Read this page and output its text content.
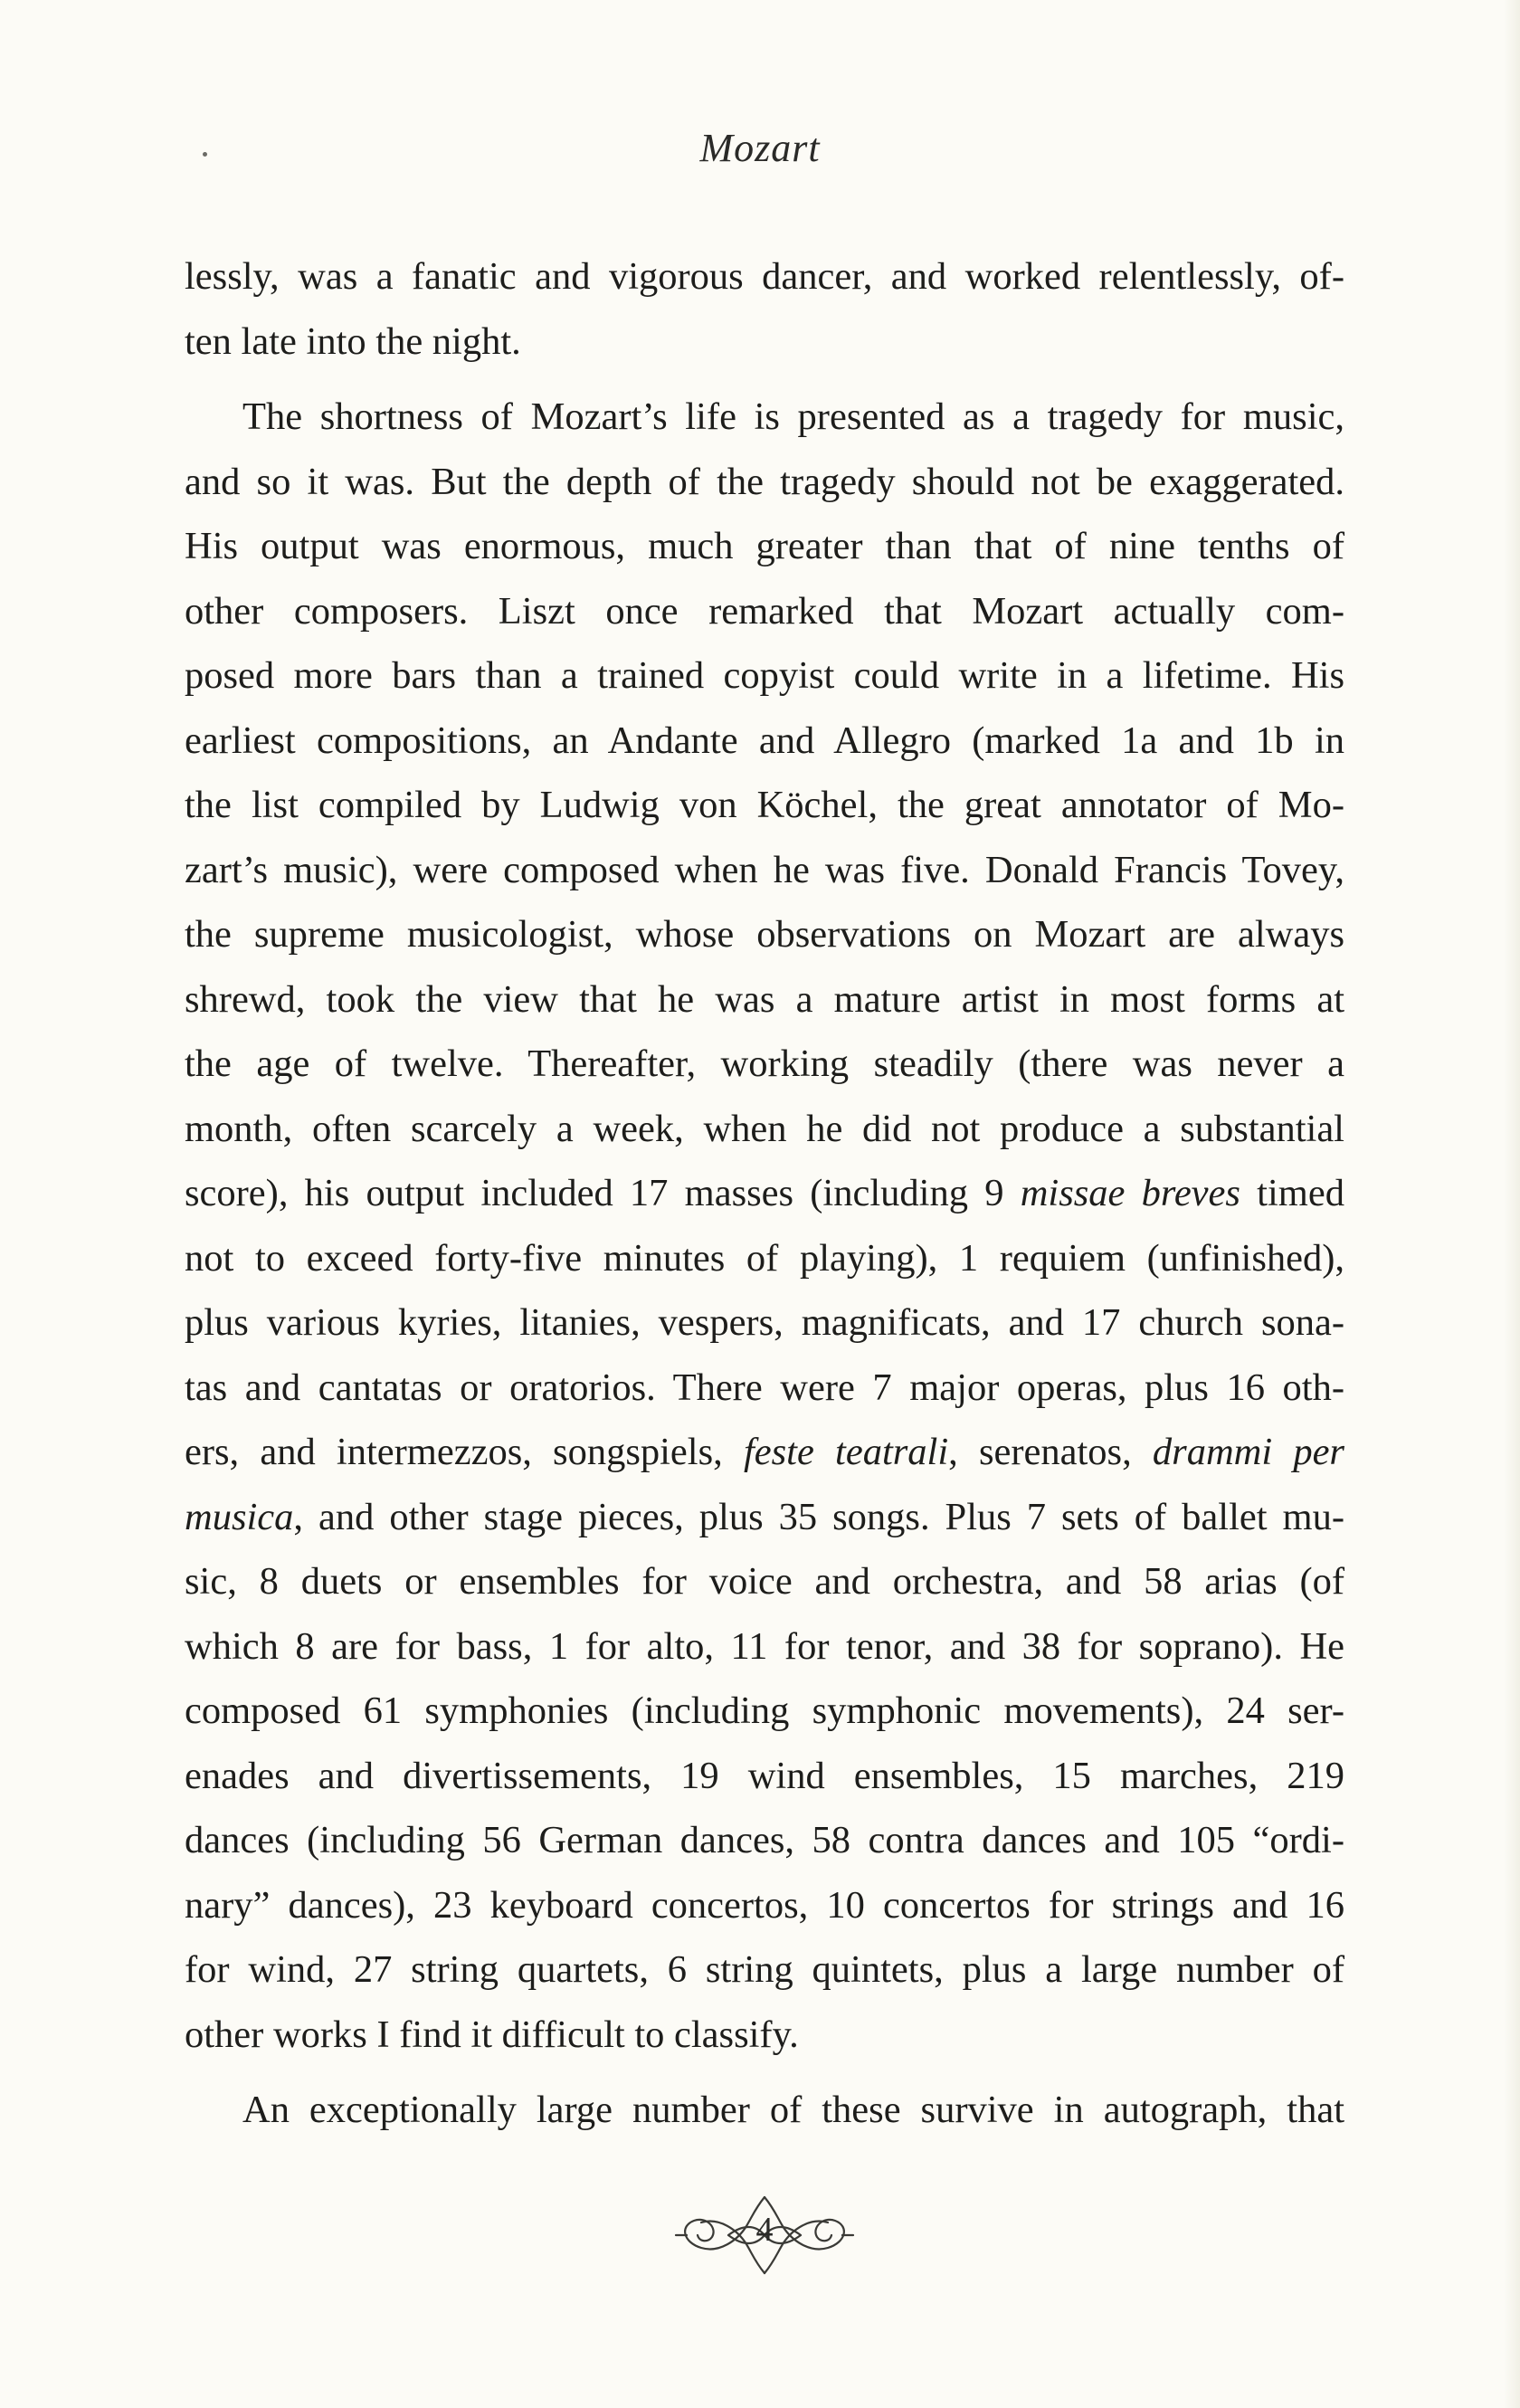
Mozart

lessly, was a fanatic and vigorous dancer, and worked relentlessly, of-
ten late into the night.

The shortness of Mozart’s life is presented as a tragedy for music,
and so it was. But the depth of the tragedy should not be exaggerated.
His output was enormous, much greater than that of nine tenths of
other composers. Liszt once remarked that Mozart actually com-
posed more bars than a trained copyist could write in a lifetime. His
earliest compositions, an Andante and Allegro (marked 1a and 1b in
the list compiled by Ludwig von Köchel, the great annotator of Mo-
zart’s music), were composed when he was five. Donald Francis Tovey,
the supreme musicologist, whose observations on Mozart are always
shrewd, took the view that he was a mature artist in most forms at
the age of twelve. Thereafter, working steadily (there was never a
month, often scarcely a week, when he did not produce a substantial
score), his output included 17 masses (including 9 missae breves timed
not to exceed forty-five minutes of playing), 1 requiem (unfinished),
plus various kyries, litanies, vespers, magnificats, and 17 church sona-
tas and cantatas or oratorios. There were 7 major operas, plus 16 oth-
ers, and intermezzos, songspiels, feste teatrali, serenatos, drammi per
musica, and other stage pieces, plus 35 songs. Plus 7 sets of ballet mu-
sic, 8 duets or ensembles for voice and orchestra, and 58 arias (of
which 8 are for bass, 1 for alto, 11 for tenor, and 38 for soprano). He
composed 61 symphonies (including symphonic movements), 24 ser-
enades and divertissements, 19 wind ensembles, 15 marches, 219
dances (including 56 German dances, 58 contra dances and 105 “ordi-
nary” dances), 23 keyboard concertos, 10 concertos for strings and 16
for wind, 27 string quartets, 6 string quintets, plus a large number of
other works I find it difficult to classify.

An exceptionally large number of these survive in autograph, that

4
